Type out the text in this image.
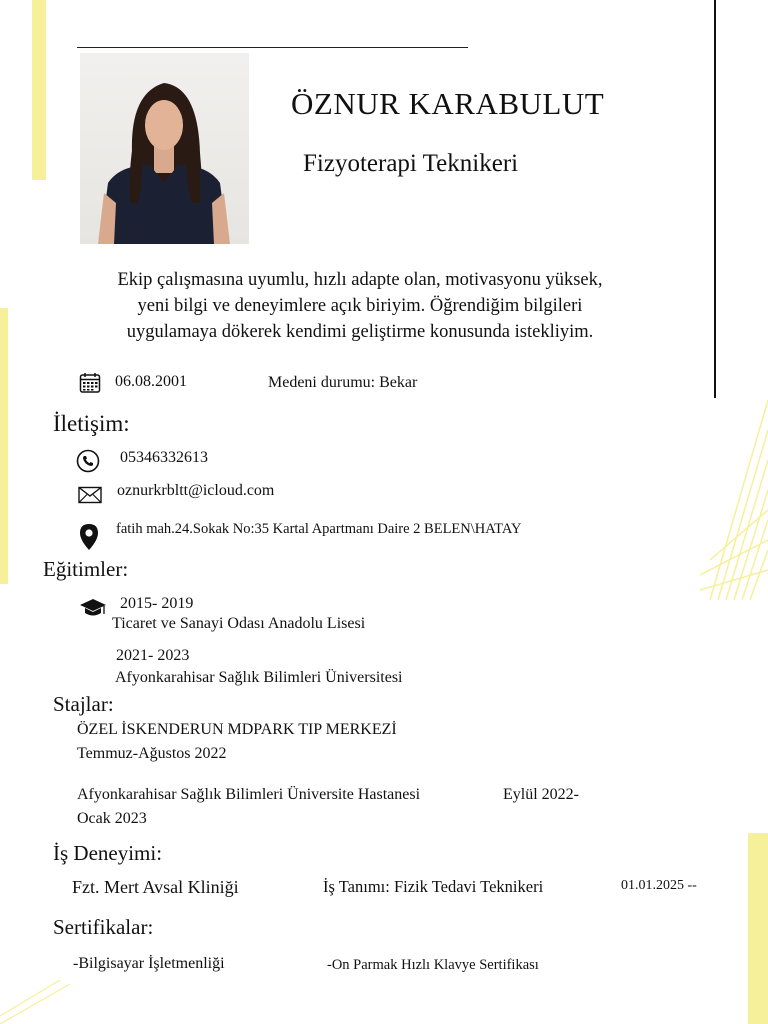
ÖZNUR KARABULUT
Fizyoterapi Teknikeri
Ekip çalışmasına uyumlu, hızlı adapte olan, motivasyonu yüksek,
yeni bilgi ve deneyimlere açık biriyim. Öğrendiğim bilgileri
uygulamaya dökerek kendimi geliştirme konusunda istekliyim.
06.08.2001	Medeni durumu: Bekar
İletişim:
05346332613
oznurkrbltt@icloud.com
fatih mah.24.Sokak No:35 Kartal Apartmanı Daire 2 BELEN\HATAY
Eğitimler:
2015- 2019
Ticaret ve Sanayi Odası Anadolu Lisesi
2021- 2023
Afyonkarahisar Sağlık Bilimleri Üniversitesi
Stajlar:
ÖZEL İSKENDERUN MDPARK TIP MERKEZİ
Temmuz-Ağustos 2022
Afyonkarahisar Sağlık Bilimleri Üniversite Hastanesi	Eylül 2022-
Ocak 2023
İş Deneyimi:
Fzt. Mert Avsal Kliniği	İş Tanımı: Fizik Tedavi Teknikeri	01.01.2025 --
Sertifikalar:
-Bilgisayar İşletmenliği	-On Parmak Hızlı Klavye Sertifikası
